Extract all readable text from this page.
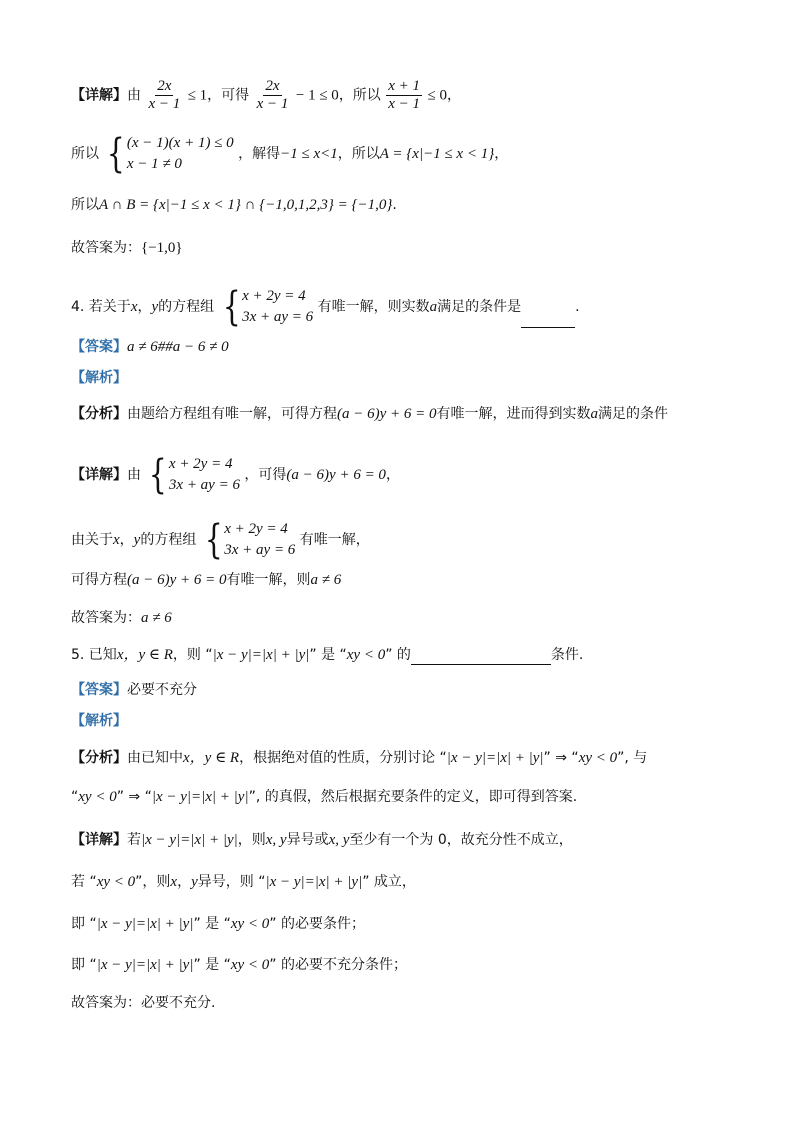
【详解】由 $\frac{2x}{x - 1} \le 1$，可得 $\frac{2x}{x - 1} - 1 \le 0$，所以 $\frac{x + 1}{x - 1} \le 0$，
所以 { (x − 1)(x + 1) ≤ 0
x − 1 ≠ 0
，解得−1 ≤ x<1，所以A = {x|−1 ≤ x < 1}，
所以A ∩ B = {x|−1 ≤ x < 1} ∩ {−1,0,1,2,3} = {−1,0}.
故答案为：{−1,0}
4. 若关于x，y的方程组 { x + 2y = 4
3x + ay = 6
有唯一解，则实数a满足的条件是	.
【答案】a ≠ 6##a − 6 ≠ 0
【解析】
【分析】由题给方程组有唯一解，可得方程(a − 6)y + 6 = 0有唯一解，进而得到实数a满足的条件
【详解】由 { x + 2y = 4
3x + ay = 6
，可得(a − 6)y + 6 = 0，
由关于x，y的方程组 { x + 2y = 4
3x + ay = 6
有唯一解，
可得方程(a − 6)y + 6 = 0有唯一解，则a ≠ 6
故答案为：a ≠ 6
5. 已知x，y ∈ R，则 “|x − y|=|x| + |y|” 是 “xy < 0” 的	条件.
【答案】必要不充分
【解析】
【分析】由已知中x，y ∈ R，根据绝对值的性质，分别讨论 “|x − y|=|x| + |y|” ⇒ “xy < 0”, 与
“xy < 0” ⇒ “|x − y|=|x| + |y|”, 的真假，然后根据充要条件的定义，即可得到答案.
【详解】若|x − y|=|x| + |y|，则x, y异号或x, y至少有一个为 0，故充分性不成立，
若 “xy < 0”，则x，y异号，则 “|x − y|=|x| + |y|” 成立，
即 “|x − y|=|x| + |y|” 是 “xy < 0” 的必要条件；
即 “|x − y|=|x| + |y|” 是 “xy < 0” 的必要不充分条件；
故答案为：必要不充分.
